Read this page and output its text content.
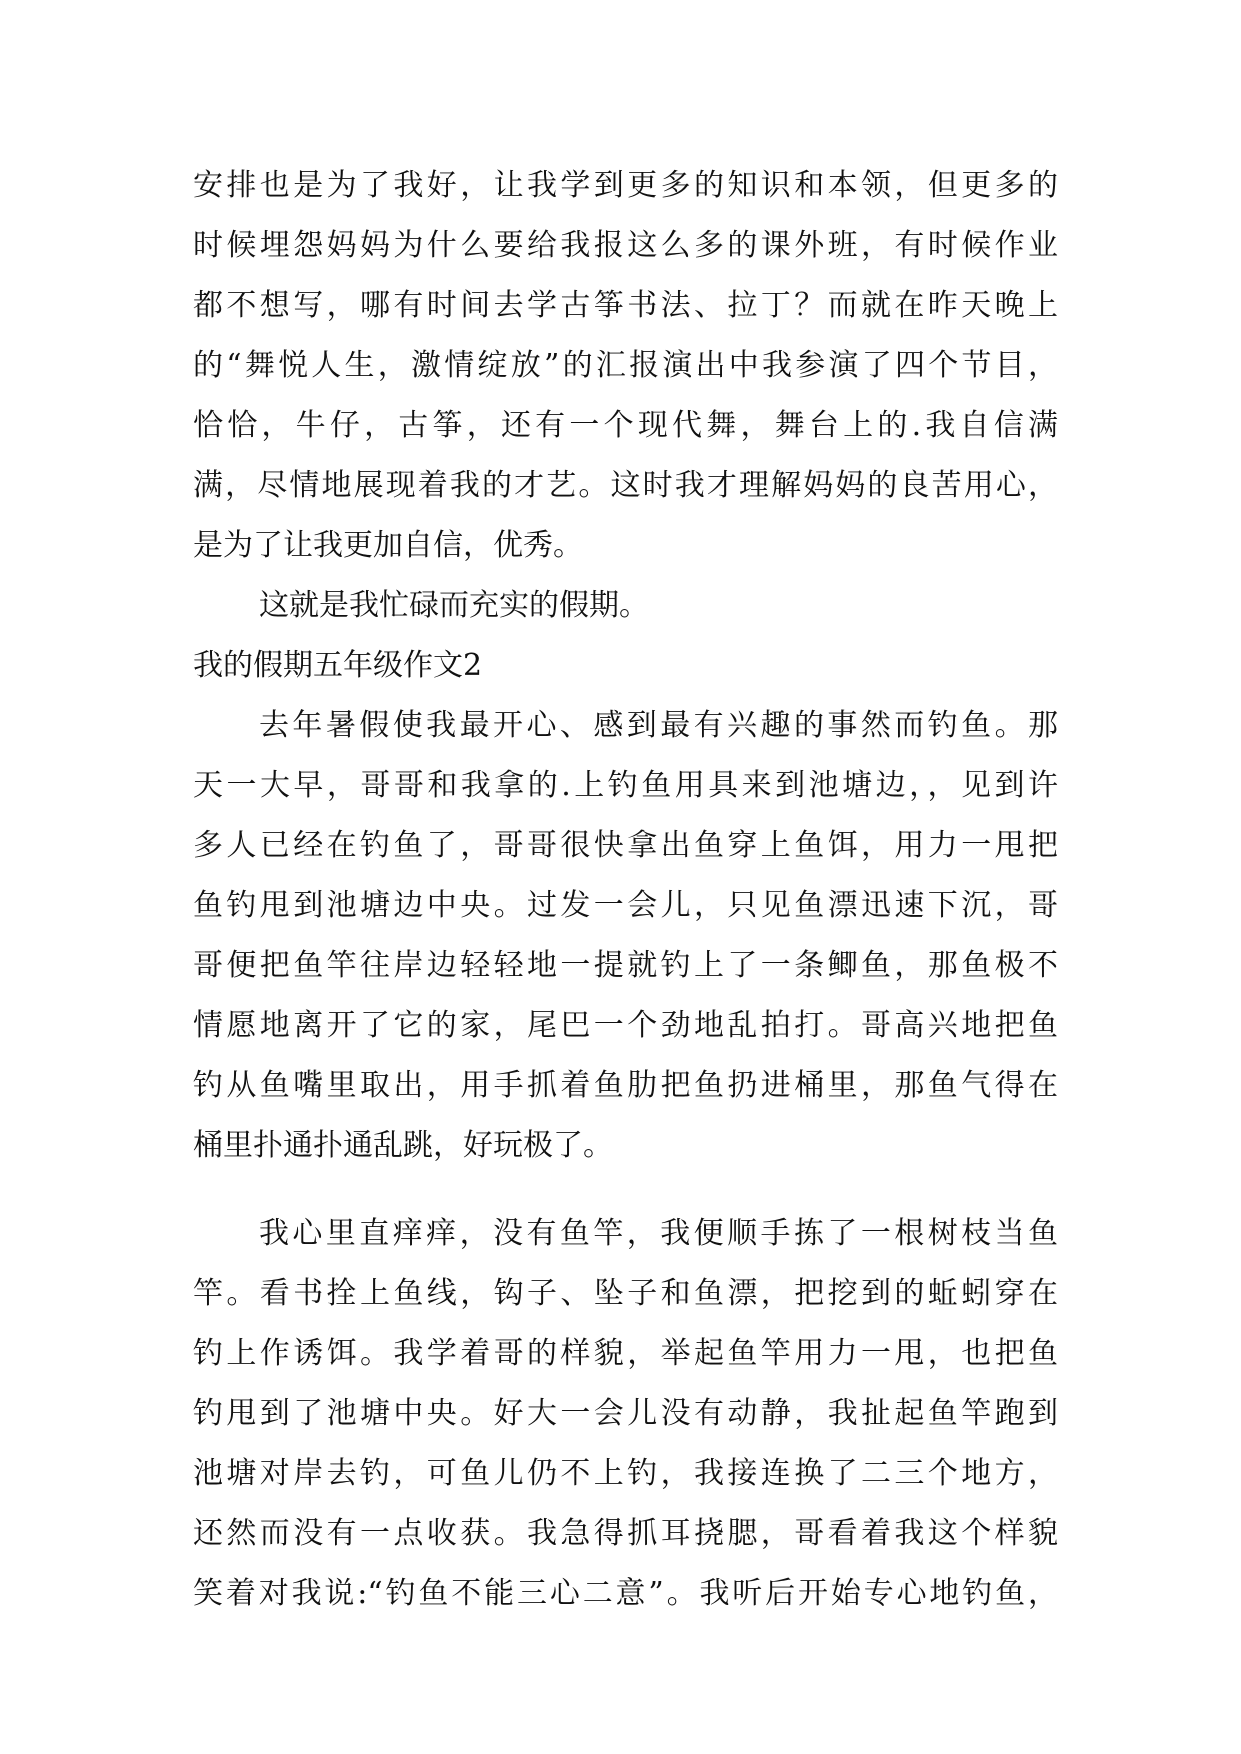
安排也是为了我好，让我学到更多的知识和本领，但更多的
时候埋怨妈妈为什么要给我报这么多的课外班，有时候作业
都不想写，哪有时间去学古筝书法、拉丁？而就在昨天晚上
的“舞悦人生，激情绽放”的汇报演出中我参演了四个节目，
恰恰，牛仔，古筝，还有一个现代舞，舞台上的.我自信满
满，尽情地展现着我的才艺。这时我才理解妈妈的良苦用心，
是为了让我更加自信，优秀。
这就是我忙碌而充实的假期。
我的假期五年级作文2
去年暑假使我最开心、感到最有兴趣的事然而钓鱼。那
天一大早，哥哥和我拿的.上钓鱼用具来到池塘边，，见到许
多人已经在钓鱼了，哥哥很快拿出鱼穿上鱼饵，用力一甩把
鱼钓甩到池塘边中央。过发一会儿，只见鱼漂迅速下沉，哥
哥便把鱼竿往岸边轻轻地一提就钓上了一条鲫鱼，那鱼极不
情愿地离开了它的家，尾巴一个劲地乱拍打。哥高兴地把鱼
钓从鱼嘴里取出，用手抓着鱼肋把鱼扔进桶里，那鱼气得在
桶里扑通扑通乱跳，好玩极了。
我心里直痒痒，没有鱼竿，我便顺手拣了一根树枝当鱼
竿。看书拴上鱼线，钩子、坠子和鱼漂，把挖到的蚯蚓穿在
钓上作诱饵。我学着哥的样貌，举起鱼竿用力一甩，也把鱼
钓甩到了池塘中央。好大一会儿没有动静，我扯起鱼竿跑到
池塘对岸去钓，可鱼儿仍不上钓，我接连换了二三个地方，
还然而没有一点收获。我急得抓耳挠腮，哥看着我这个样貌
笑着对我说:“钓鱼不能三心二意”。我听后开始专心地钓鱼，
